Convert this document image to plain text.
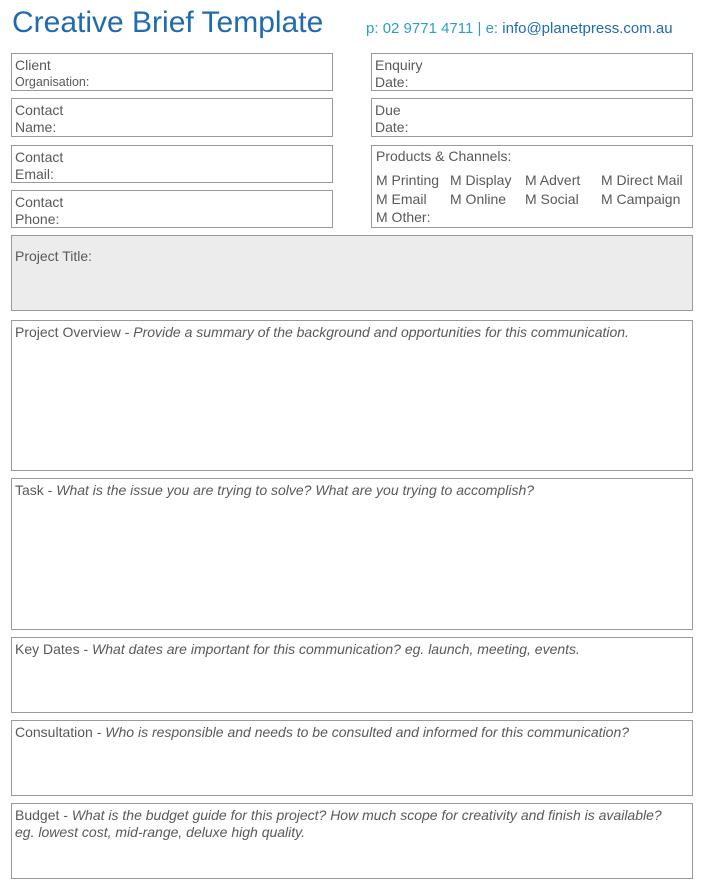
Creative Brief Template	p: 02 9771 4711 | e: info@planetpress.com.au
Client
Organisation:
Contact
Name:
Contact
Email:
Contact
Phone:
Enquiry
Date:
Due
Date:
Products & Channels:
M Printing M Display M Advert M Direct Mail
M Email M Online M Social M Campaign
M Other:
Project Title:
Project Overview - Provide a summary of the background and opportunities for this communication.
Task - What is the issue you are trying to solve? What are you trying to accomplish?
Key Dates - What dates are important for this communication? eg. launch, meeting, events.
Consultation - Who is responsible and needs to be consulted and informed for this communication?
Budget - What is the budget guide for this project? How much scope for creativity and finish is available? eg. lowest cost, mid-range, deluxe high quality.
